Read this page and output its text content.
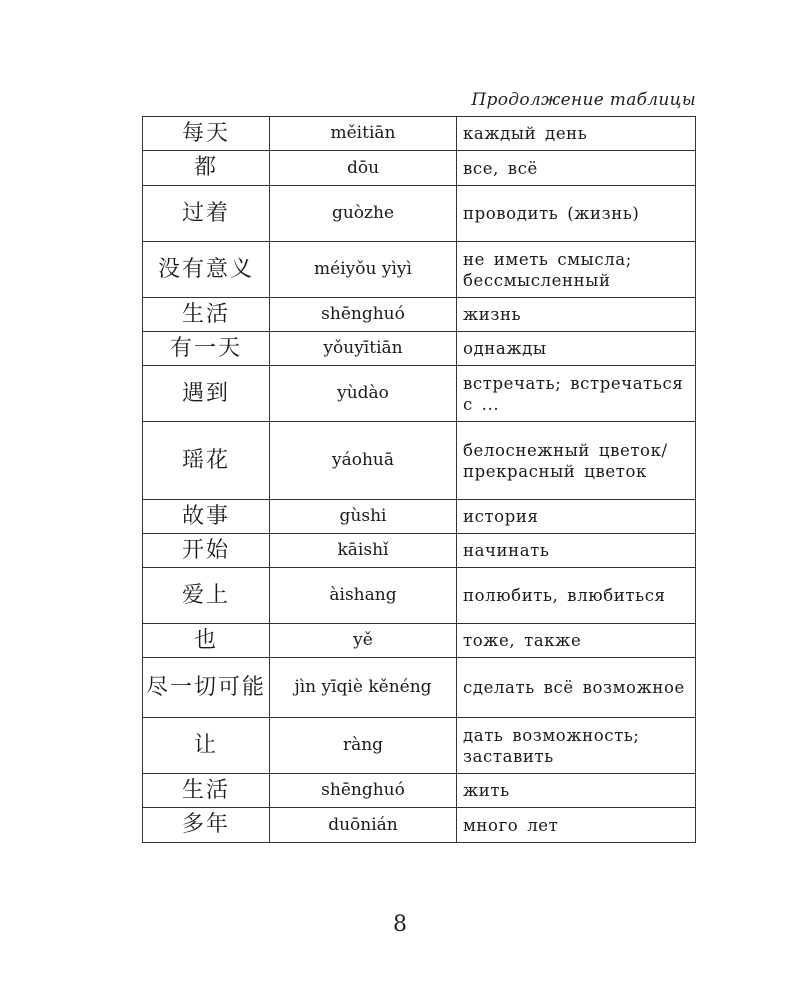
Продолжение таблицы
每天	měitiān	каждый день
都	dōu	все, всё
过着	guòzhe	проводить (жизнь)
没有意义	méiyǒu yìyì	не иметь смысла; бессмысленный
生活	shēnghuó	жизнь
有一天	yǒuyītiān	однажды
遇到	yùdào	встречать; встречаться с ...
瑶花	yáohuā	белоснежный цветок/прекрасный цветок
故事	gùshi	история
开始	kāishǐ	начинать
爱上	àishang	полюбить, влюбиться
也	yě	тоже, также
尽一切可能	jìn yīqiè kěnéng	сделать всё возможное
让	ràng	дать возможность; заставить
生活	shēnghuó	жить
多年	duōnián	много лет
8
